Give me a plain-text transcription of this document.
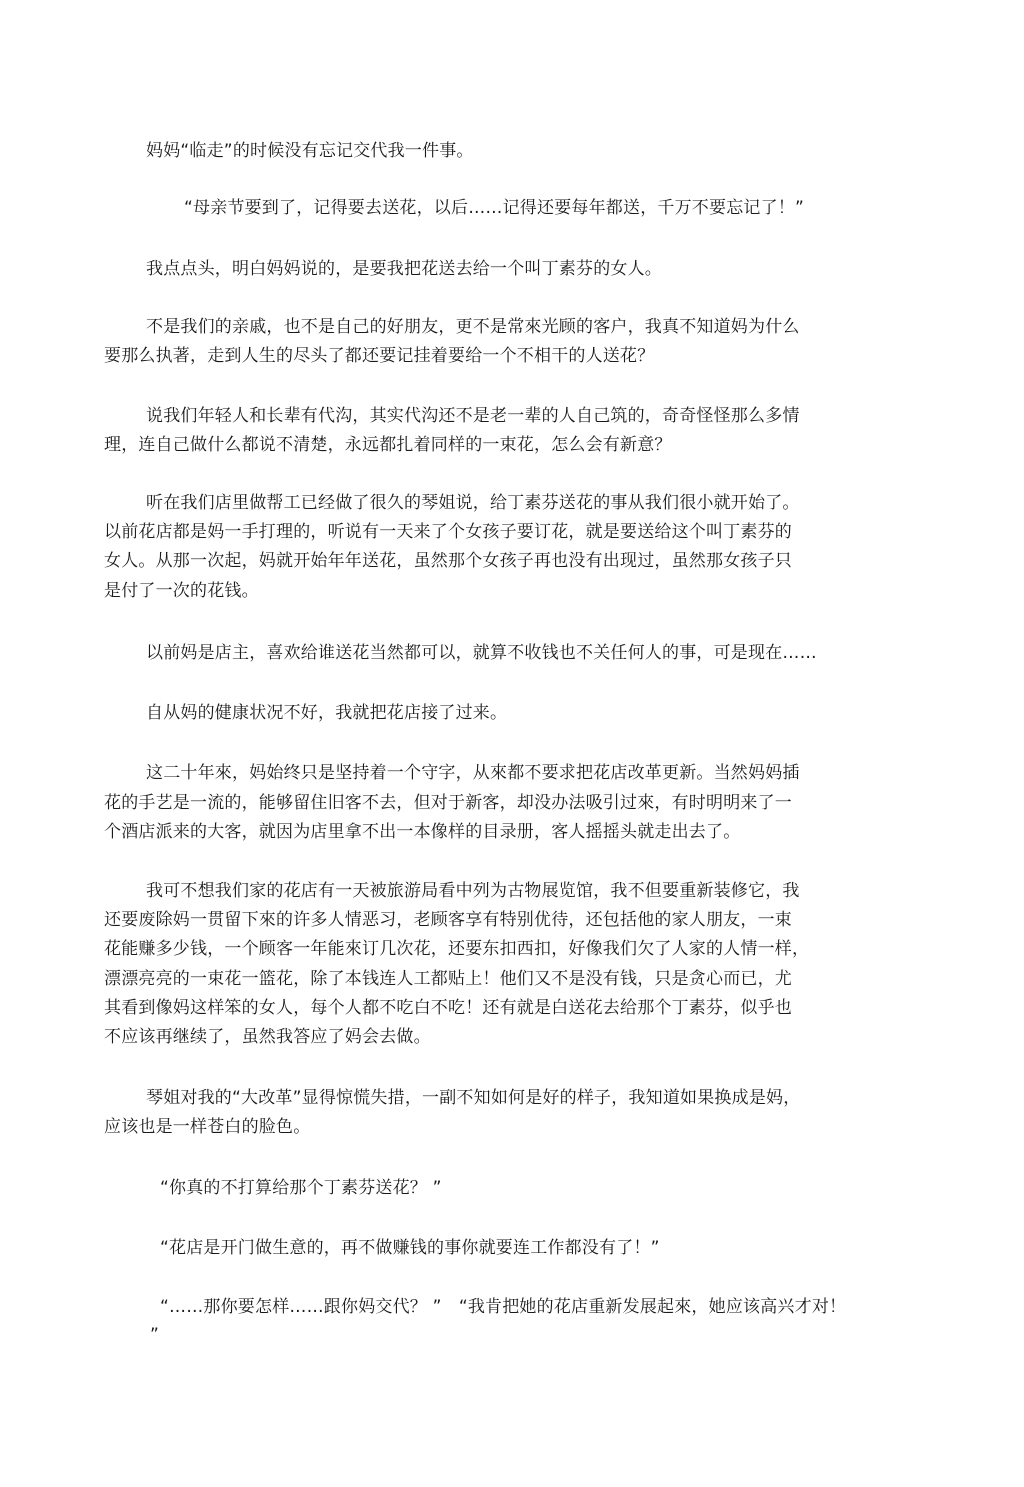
妈妈“临走”的时候没有忘记交代我一件事。
“母亲节要到了，记得要去送花，以后……记得还要每年都送，千万不要忘记了！”
我点点头，明白妈妈说的，是要我把花送去给一个叫丁素芬的女人。
不是我们的亲戚，也不是自己的好朋友，更不是常來光顾的客户，我真不知道妈为什么
要那么执著，走到人生的尽头了都还要记挂着要给一个不相干的人送花？
说我们年轻人和长辈有代沟，其实代沟还不是老一辈的人自己筑的，奇奇怪怪那么多情
理，连自己做什么都说不清楚，永远都扎着同样的一束花，怎么会有新意？
听在我们店里做帮工已经做了很久的琴姐说，给丁素芬送花的事从我们很小就开始了。
以前花店都是妈一手打理的，听说有一天来了个女孩子要订花，就是要送给这个叫丁素芬的
女人。从那一次起，妈就开始年年送花，虽然那个女孩子再也没有出现过，虽然那女孩子只
是付了一次的花钱。
以前妈是店主，喜欢给谁送花当然都可以，就算不收钱也不关任何人的事，可是现在……
自从妈的健康状况不好，我就把花店接了过来。
这二十年來，妈始终只是坚持着一个守字，从來都不要求把花店改革更新。当然妈妈插
花的手艺是一流的，能够留住旧客不去，但对于新客，却没办法吸引过來，有时明明来了一
个酒店派来的大客，就因为店里拿不出一本像样的目录册，客人摇摇头就走出去了。
我可不想我们家的花店有一天被旅游局看中列为古物展览馆，我不但要重新装修它，我
还要废除妈一贯留下來的许多人情恶习，老顾客享有特别优待，还包括他的家人朋友，一束
花能赚多少钱，一个顾客一年能來订几次花，还要东扣西扣，好像我们欠了人家的人情一样，
漂漂亮亮的一束花一篮花，除了本钱连人工都贴上！他们又不是没有钱，只是贪心而已，尤
其看到像妈这样笨的女人，每个人都不吃白不吃！还有就是白送花去给那个丁素芬，似乎也
不应该再继续了，虽然我答应了妈会去做。
琴姐对我的“大改革”显得惊慌失措，一副不知如何是好的样子，我知道如果换成是妈，
应该也是一样苍白的脸色。
“你真的不打算给那个丁素芬送花？ ”
“花店是开门做生意的，再不做赚钱的事你就要连工作都没有了！”
“……那你要怎样……跟你妈交代？ ”　“我肯把她的花店重新发展起來，她应该高兴才对！
”
